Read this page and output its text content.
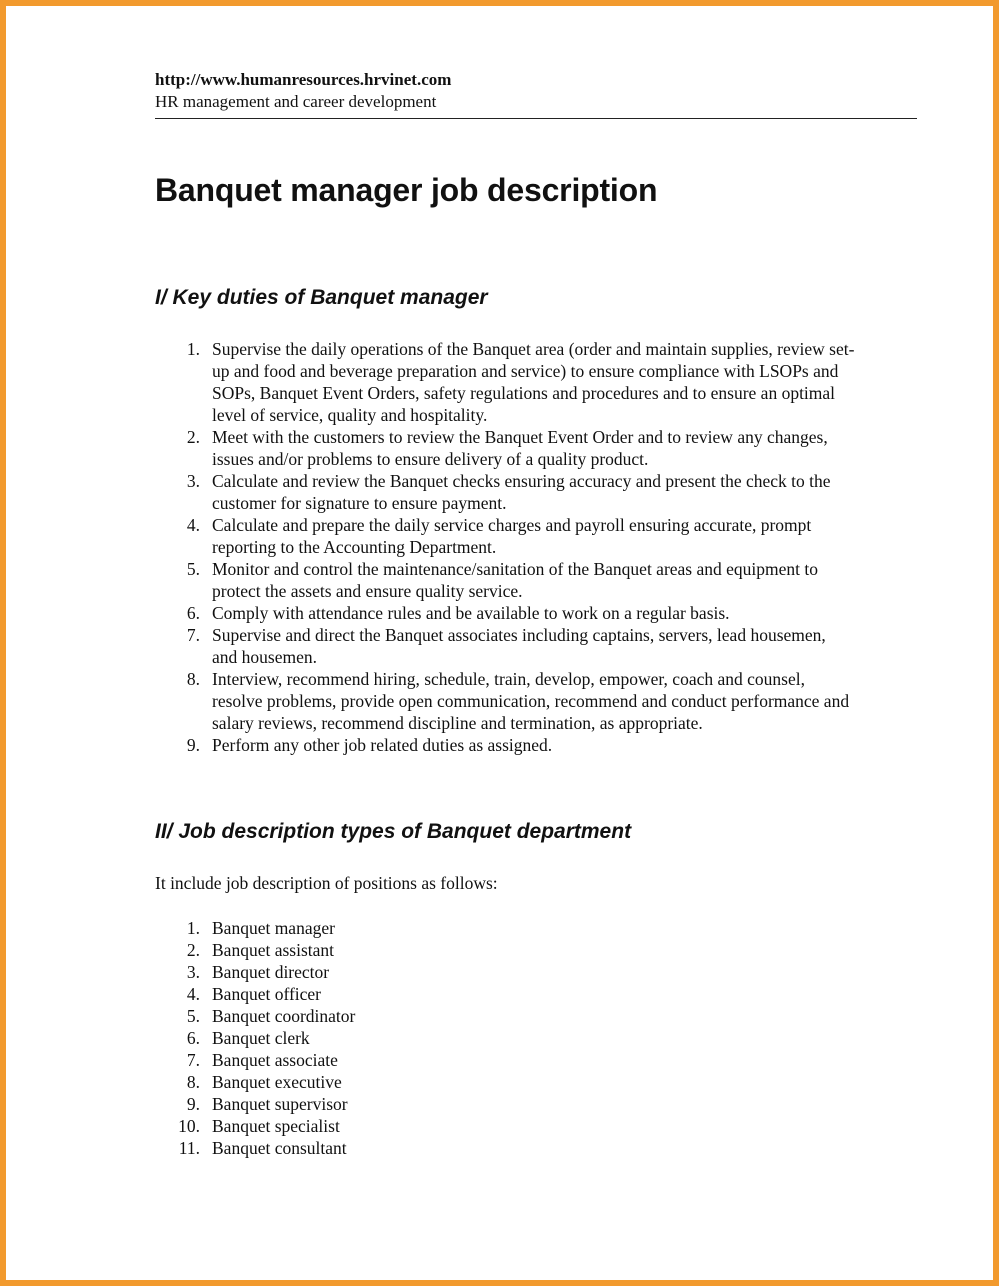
http://www.humanresources.hrvinet.com
HR management and career development
Banquet manager job description
I/ Key duties of Banquet manager
1. Supervise the daily operations of the Banquet area (order and maintain supplies, review set-up and food and beverage preparation and service) to ensure compliance with LSOPs and SOPs, Banquet Event Orders, safety regulations and procedures and to ensure an optimal level of service, quality and hospitality.
2. Meet with the customers to review the Banquet Event Order and to review any changes, issues and/or problems to ensure delivery of a quality product.
3. Calculate and review the Banquet checks ensuring accuracy and present the check to the customer for signature to ensure payment.
4. Calculate and prepare the daily service charges and payroll ensuring accurate, prompt reporting to the Accounting Department.
5. Monitor and control the maintenance/sanitation of the Banquet areas and equipment to protect the assets and ensure quality service.
6. Comply with attendance rules and be available to work on a regular basis.
7. Supervise and direct the Banquet associates including captains, servers, lead housemen, and housemen.
8. Interview, recommend hiring, schedule, train, develop, empower, coach and counsel, resolve problems, provide open communication, recommend and conduct performance and salary reviews, recommend discipline and termination, as appropriate.
9. Perform any other job related duties as assigned.
II/ Job description types of Banquet department
It include job description of positions as follows:
1. Banquet manager
2. Banquet assistant
3. Banquet director
4. Banquet officer
5. Banquet coordinator
6. Banquet clerk
7. Banquet associate
8. Banquet executive
9. Banquet supervisor
10. Banquet specialist
11. Banquet consultant
